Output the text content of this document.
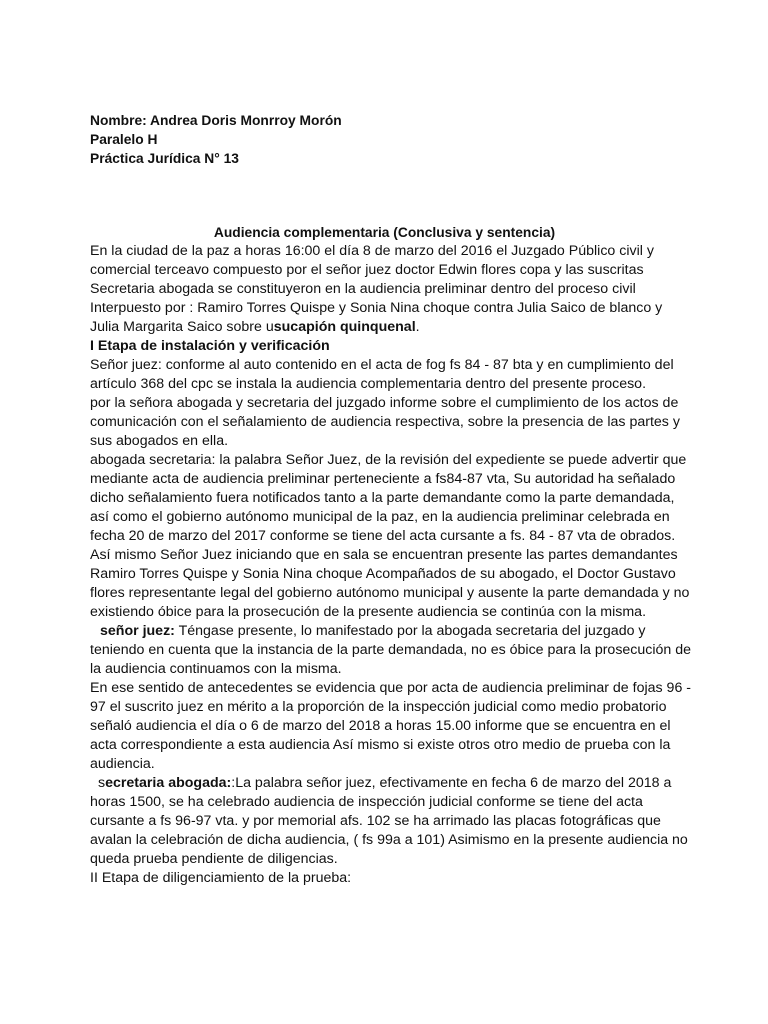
Nombre: Andrea Doris Monrroy Morón
Paralelo H
Práctica Jurídica N° 13
Audiencia complementaria (Conclusiva y sentencia)
En la ciudad de la paz a horas 16:00 el día 8 de marzo del 2016 el Juzgado Público civil y
comercial terceavo compuesto por el señor juez doctor Edwin flores copa y las suscritas
Secretaria abogada se constituyeron en la audiencia preliminar dentro del proceso civil
Interpuesto por : Ramiro Torres Quispe y Sonia Nina choque contra Julia Saico de blanco y
Julia Margarita Saico sobre usucapión quinquenal.
I Etapa de instalación y verificación
Señor juez: conforme al auto contenido en el acta de fog fs 84 - 87 bta y en cumplimiento del
artículo 368 del cpc se instala la audiencia complementaria dentro del presente proceso.
por la señora abogada y secretaria del juzgado informe sobre el cumplimiento de los actos de
comunicación con el señalamiento de audiencia respectiva, sobre la presencia de las partes y
sus abogados en ella.
abogada secretaria: la palabra Señor Juez, de la revisión del expediente se puede advertir que
mediante acta de audiencia preliminar perteneciente a fs84-87 vta, Su autoridad ha señalado
dicho señalamiento fuera notificados tanto a la parte demandante como la parte demandada,
así como el gobierno autónomo municipal de la paz, en la audiencia preliminar celebrada en
fecha 20 de marzo del 2017 conforme se tiene del acta cursante a fs. 84 - 87 vta de obrados.
Así mismo Señor Juez iniciando que en sala se encuentran presente las partes demandantes
Ramiro Torres Quispe y Sonia Nina choque Acompañados de su abogado, el Doctor Gustavo
flores representante legal del gobierno autónomo municipal y ausente la parte demandada y no
existiendo óbice para la prosecución de la presente audiencia se continúa con la misma.
señor juez: Téngase presente, lo manifestado por la abogada secretaria del juzgado y
teniendo en cuenta que la instancia de la parte demandada, no es óbice para la prosecución de
la audiencia continuamos con la misma.
En ese sentido de antecedentes se evidencia que por acta de audiencia preliminar de fojas 96 -
97 el suscrito juez en mérito a la proporción de la inspección judicial como medio probatorio
señaló audiencia el día o 6 de marzo del 2018 a horas 15.00 informe que se encuentra en el
acta correspondiente a esta audiencia Así mismo si existe otros otro medio de prueba con la
audiencia.
secretaria abogada::La palabra señor juez, efectivamente en fecha 6 de marzo del 2018 a
horas 1500, se ha celebrado audiencia de inspección judicial conforme se tiene del acta
cursante a fs 96-97 vta. y por memorial afs. 102 se ha arrimado las placas fotográficas que
avalan la celebración de dicha audiencia, ( fs 99a a 101) Asimismo en la presente audiencia no
queda prueba pendiente de diligencias.
II Etapa de diligenciamiento de la prueba:
